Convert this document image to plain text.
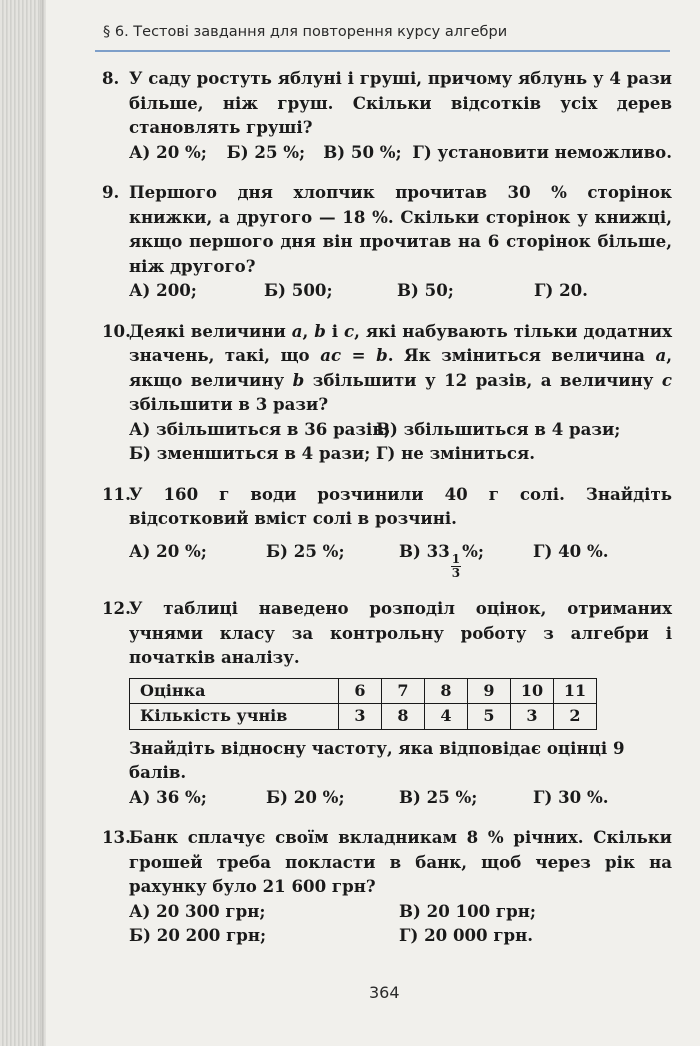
§ 6. Тестові завдання для повторення курсу алгебри
8. У саду ростуть яблуні і груші, причому яблунь у 4 рази більше, ніж груш. Скільки відсотків усіх дерев становлять груші?
А) 20 %;	Б) 25 %;	В) 50 %; Г) установити неможливо.
9. Першого дня хлопчик прочитав 30 % сторінок книжки, а другого — 18 %. Скільки сторінок у книжці, якщо першого дня він прочитав на 6 сторінок більше, ніж другого?
А) 200;	Б) 500;	В) 50;	Г) 20.
10.
Деякі величини a, b і c, які набувають тільки додатних значень, такі, що ac = b. Як зміниться величина a, якщо величину b збільшити у 12 разів, а величину c збільшити в 3 рази?
А) збільшиться в 36 разів;
В) збільшиться в 4 рази;
Б) зменшиться в 4 рази; Г) не зміниться.
11.
У 160 г води розчинили 40 г солі. Знайдіть відсотковий вміст солі в розчині.
А) 20 %;	Б) 25 %;	В) 33
$\frac{1}{3}$
%;	Г) 40 %.
12.
У таблиці наведено розподіл оцінок, отриманих учнями класу за контрольну роботу з алгебри і початків аналізу.
Оцінка	6	7	8	9	10	11
Кількість учнів	3	8	4	5	3	2
Знайдіть відносну частоту, яка відповідає оцінці 9 балів.
А) 36 %;	Б) 20 %;	В) 25 %;	Г) 30 %.
13.
Банк сплачує своїм вкладникам 8 % річних. Скільки грошей треба покласти в банк, щоб через рік на рахунку було 21 600 грн?
А) 20 300 грн;	В) 20 100 грн;
Б) 20 200 грн;	Г) 20 000 грн.
364
